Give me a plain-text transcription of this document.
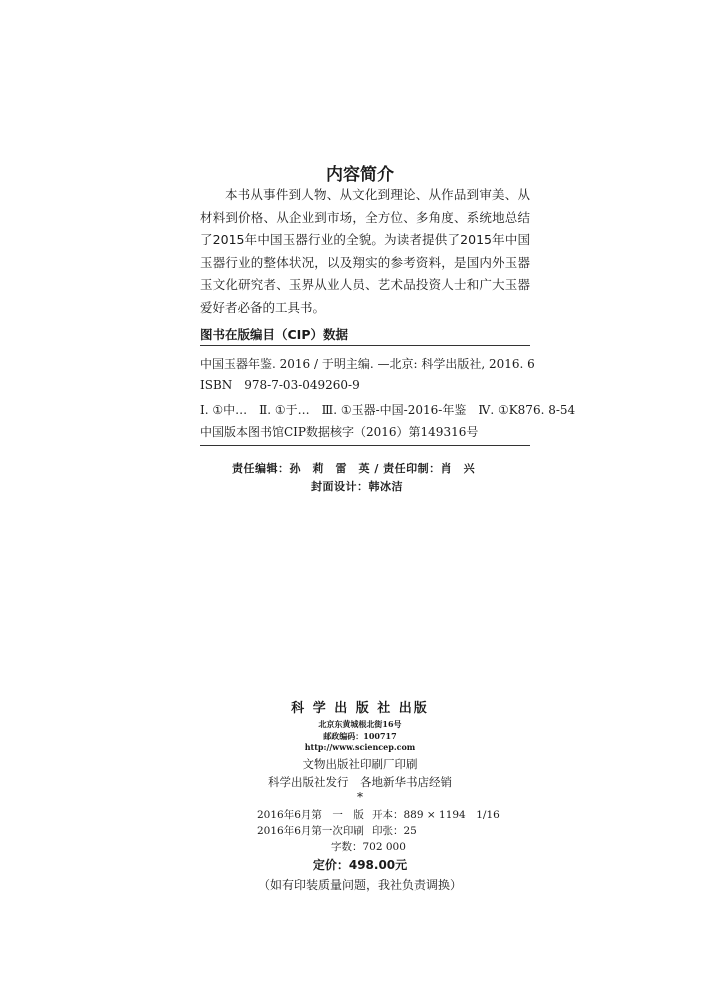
内容简介

本书从事件到人物、从文化到理论、从作品到审美、从材料到价格、从企业到市场，全方位、多角度、系统地总结了2015年中国玉器行业的全貌。为读者提供了2015年中国玉器行业的整体状况，以及翔实的参考资料，是国内外玉器玉文化研究者、玉界从业人员、艺术品投资人士和广大玉器爱好者必备的工具书。

图书在版编目（CIP）数据
中国玉器年鉴. 2016 / 于明主编. —北京: 科学出版社, 2016. 6
ISBN　978-7-03-049260-9
Ⅰ. ①中…　Ⅱ. ①于…　Ⅲ. ①玉器-中国-2016-年鉴　Ⅳ. ①K876. 8-54
中国版本图书馆CIP数据核字（2016）第149316号
责任编辑：孙　莉　雷　英 / 责任印制：肖　兴
封面设计：韩冰洁
科 学 出 版 社 出版
北京东黄城根北街16号
邮政编码：100717
http://www.sciencep.com
文物出版社印刷厂印刷
科学出版社发行　各地新华书店经销
*
2016年6月第　一　版 开本：889 × 1194　1/16
2016年6月第一次印刷 印张：25
字数：702 000
定价：498.00元
（如有印装质量问题，我社负责调换）
